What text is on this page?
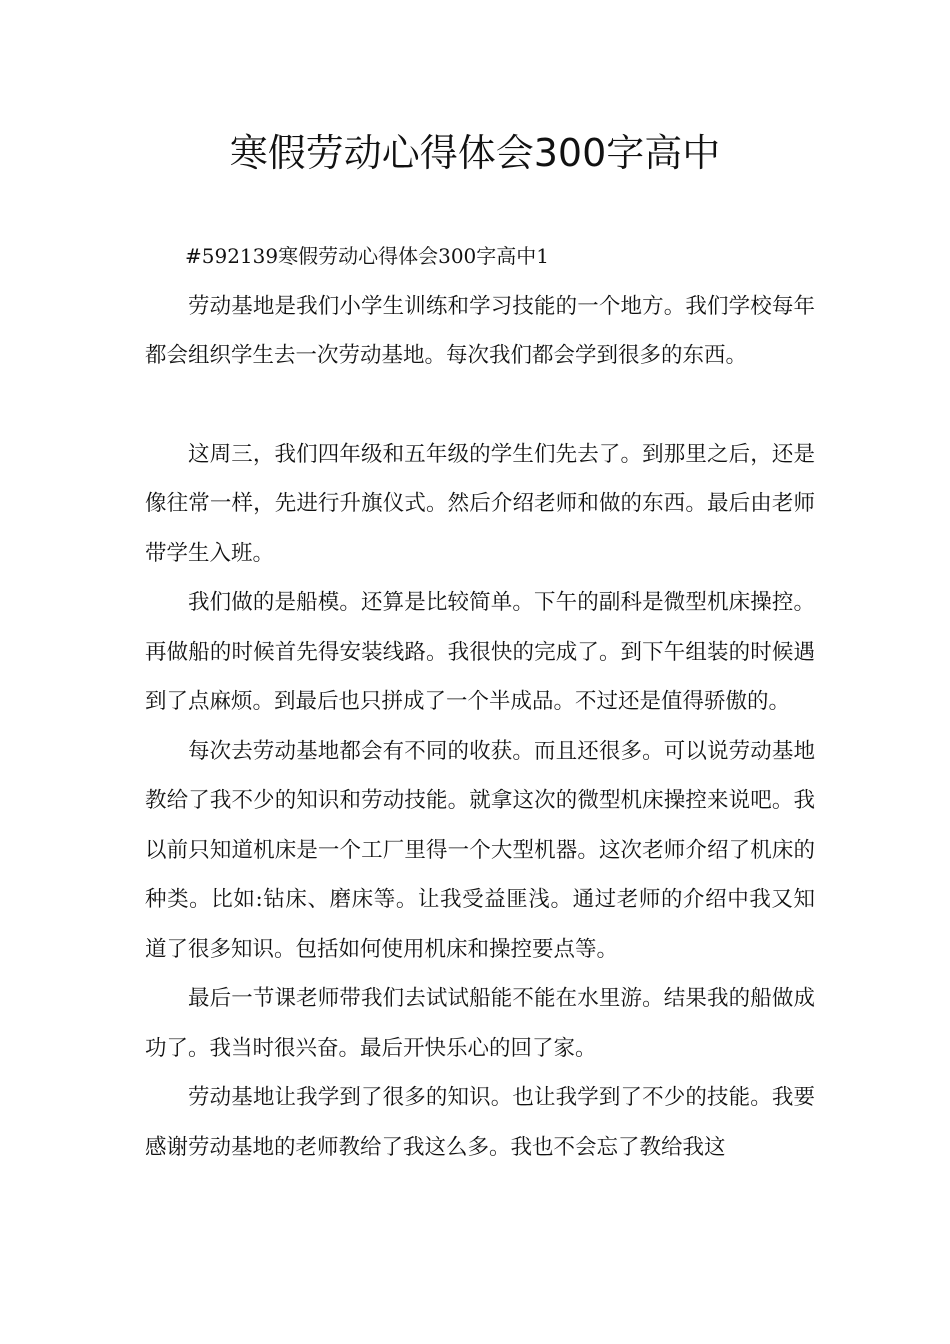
寒假劳动心得体会300字高中

#592139寒假劳动心得体会300字高中1

劳动基地是我们小学生训练和学习技能的一个地方。我们学校每年都会组织学生去一次劳动基地。每次我们都会学到很多的东西。

这周三，我们四年级和五年级的学生们先去了。到那里之后，还是像往常一样，先进行升旗仪式。然后介绍老师和做的东西。最后由老师带学生入班。

我们做的是船模。还算是比较简单。下午的副科是微型机床操控。再做船的时候首先得安装线路。我很快的完成了。到下午组装的时候遇到了点麻烦。到最后也只拼成了一个半成品。不过还是值得骄傲的。

每次去劳动基地都会有不同的收获。而且还很多。可以说劳动基地教给了我不少的知识和劳动技能。就拿这次的微型机床操控来说吧。我以前只知道机床是一个工厂里得一个大型机器。这次老师介绍了机床的种类。比如:钻床、磨床等。让我受益匪浅。通过老师的介绍中我又知道了很多知识。包括如何使用机床和操控要点等。

最后一节课老师带我们去试试船能不能在水里游。结果我的船做成功了。我当时很兴奋。最后开快乐心的回了家。

劳动基地让我学到了很多的知识。也让我学到了不少的技能。我要感谢劳动基地的老师教给了我这么多。我也不会忘了教给我这
